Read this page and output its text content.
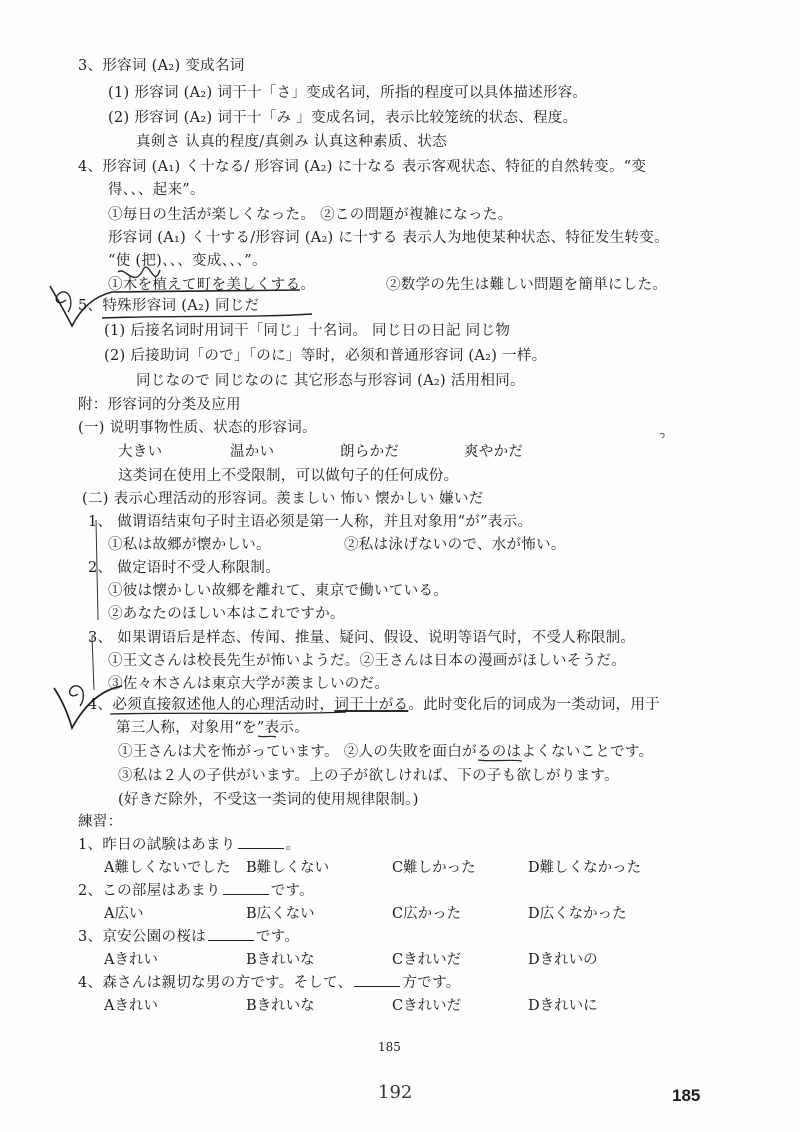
3、形容词 (A₂) 变成名词
(1) 形容词 (A₂) 词干十「さ」变成名词，所指的程度可以具体描述形容。
(2) 形容词 (A₂) 词干十「み 」变成名词，表示比较笼统的状态、程度。
真剣さ 认真的程度/真剣み 认真这种素质、状态
4、形容词 (A₁) く十なる/ 形容词 (A₂) に十なる 表示客观状态、特征的自然转变。“变
得、、、起来”。
①毎日の生活が楽しくなった。 ②この問題が複雑になった。
形容词 (A₁) く十する/形容词 (A₂) に十する 表示人为地使某种状态、特征发生转变。
“使 (把)、、、变成、、、”。
①木を植えて町を美しくする。	②数学の先生は難しい問題を簡単にした。
5、特殊形容词 (A₂) 同じだ
(1) 后接名词时用词干「同じ」十名词。 同じ日の日記 同じ物
(2) 后接助词「ので」「のに」等时，必须和普通形容词 (A₂) 一样。
同じなので 同じなのに 其它形态与形容词 (A₂) 活用相同。
附：形容词的分类及应用
(一) 说明事物性质、状态的形容词。
大きい	温かい	朗らかだ	爽やかだ
这类词在使用上不受限制，可以做句子的任何成份。
(二) 表示心理活动的形容词。羨ましい 怖い 懐かしい 嫌いだ
1、 做谓语结束句子时主语必须是第一人称，并且对象用“が”表示。
①私は故郷が懐かしい。	②私は泳げないので、水が怖い。
2、 做定语时不受人称限制。
①彼は懐かしい故郷を離れて、東京で働いている。
②あなたのほしい本はこれですか。
3、 如果谓语后是样态、传闻、推量、疑问、假设、说明等语气时，不受人称限制。
①王文さんは校長先生が怖いようだ。②王さんは日本の漫画がほしいそうだ。
③佐々木さんは東京大学が羨ましいのだ。
4、必须直接叙述他人的心理活动时，词干十がる。此时变化后的词成为一类动词，用于
第三人称，对象用“を”表示。
①王さんは犬を怖がっています。 ②人の失敗を面白がるのはよくないことです。
③私は２人の子供がいます。上の子が欲しければ、下の子も欲しがります。
(好きだ除外，不受这一类词的使用规律限制。)
練習：
1、昨日の試験はあまり	。
A難しくないでした B難しくない	C難しかった	D難しくなかった
2、この部屋はあまり	です。
A広い	B広くない	C広かった	D広くなかった
3、京安公園の桜は	です。
Aきれい	Bきれいな	Cきれいだ	Dきれいの
4、森さんは親切な男の方です。そして、	方です。
Aきれい	Bきれいな	Cきれいだ	Dきれいに
185
192	185
